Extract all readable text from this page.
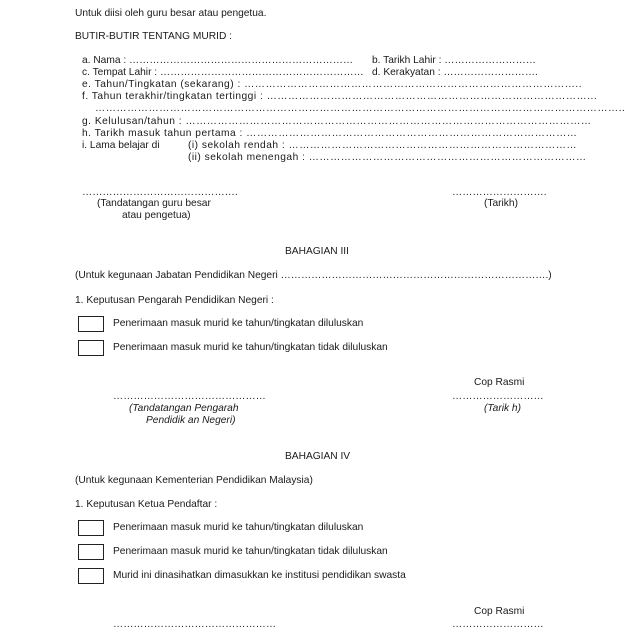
Untuk diisi oleh guru besar atau pengetua.
BUTIR-BUTIR TENTANG MURID :
a. Nama : ………………………………………………………… b. Tarikh Lahir : ………………………
c. Tempat Lahir : …………………………………………………… d. Kerakyatan : ……………………….
e. Tahun/Tingkatan (sekarang) : …………………………………………………………………………………..
f. Tahun terakhir/tingkatan tertinggi : ………………………………………………………………………………...
…………………………………………………………………………………………………………………………………..
g. Kelulusan/tahun : ……………………………………………………………………………………………………
h. Tarikh masuk tahun pertama : …………………………………………………………………………………
i. Lama belajar di	(i) sekolah rendah : ………………………………………………………………………
(ii) sekolah menengah : ……………………………………………………………………
……………………………………….	……………………….
(Tandatangan guru besar	(Tarikh)
atau pengetua)
BAHAGIAN III
(Untuk kegunaan Jabatan Pendidikan Negeri …………………………………………………………………….)
1. Keputusan Pengarah Pendidikan Negeri :
Penerimaan masuk murid ke tahun/tingkatan diluluskan
Penerimaan masuk murid ke tahun/tingkatan tidak diluluskan
Cop Rasmi
………………………………………	………………………
(Tandatangan Pengarah	(Tarik h)
Pendidik an Negeri)
BAHAGIAN IV
(Untuk kegunaan Kementerian Pendidikan Malaysia)
1. Keputusan Ketua Pendaftar :
Penerimaan masuk murid ke tahun/tingkatan diluluskan
Penerimaan masuk murid ke tahun/tingkatan tidak diluluskan
Murid ini dinasihatkan dimasukkan ke institusi pendidikan swasta
Cop Rasmi
…………………………………………	………………………
